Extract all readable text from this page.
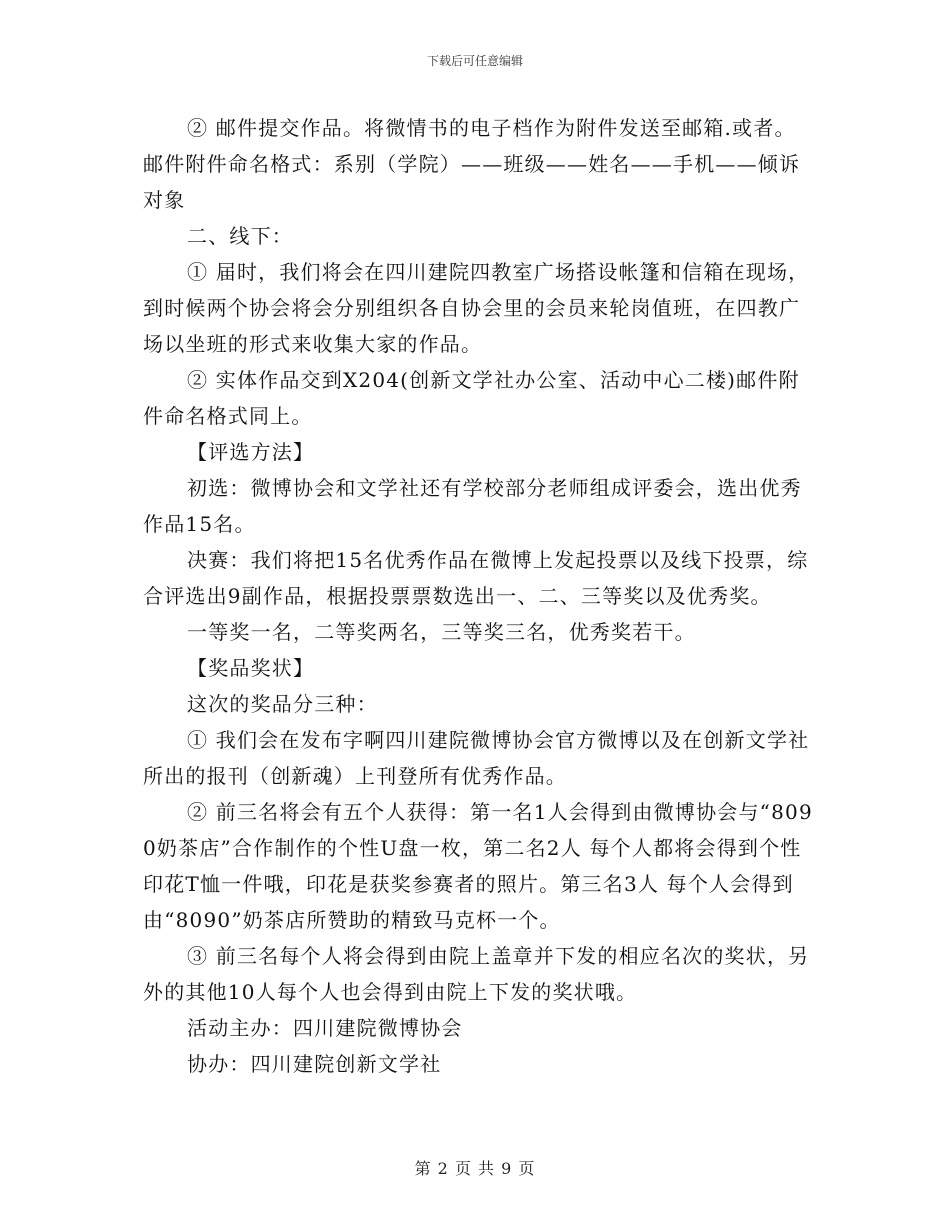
下载后可任意编辑

② 邮件提交作品。将微情书的电子档作为附件发送至邮箱.或者。邮件附件命名格式：系别（学院）——班级——姓名——手机——倾诉对象

二、线下：

① 届时，我们将会在四川建院四教室广场搭设帐篷和信箱在现场，到时候两个协会将会分别组织各自协会里的会员来轮岗值班，在四教广场以坐班的形式来收集大家的作品。

② 实体作品交到X204(创新文学社办公室、活动中心二楼)邮件附件命名格式同上。

【评选方法】

初选：微博协会和文学社还有学校部分老师组成评委会，选出优秀作品15名。

决赛：我们将把15名优秀作品在微博上发起投票以及线下投票，综合评选出9副作品，根据投票票数选出一、二、三等奖以及优秀奖。

一等奖一名，二等奖两名，三等奖三名，优秀奖若干。

【奖品奖状】

这次的奖品分三种：

① 我们会在发布字啊四川建院微博协会官方微博以及在创新文学社所出的报刊（创新魂）上刊登所有优秀作品。

② 前三名将会有五个人获得：第一名1人会得到由微博协会与“8090奶茶店”合作制作的个性U盘一枚，第二名2人 每个人都将会得到个性印花T恤一件哦，印花是获奖参赛者的照片。第三名3人 每个人会得到由“8090”奶茶店所赞助的精致马克杯一个。

③ 前三名每个人将会得到由院上盖章并下发的相应名次的奖状，另外的其他10人每个人也会得到由院上下发的奖状哦。

活动主办：四川建院微博协会

协办：四川建院创新文学社

第 2 页 共 9 页
